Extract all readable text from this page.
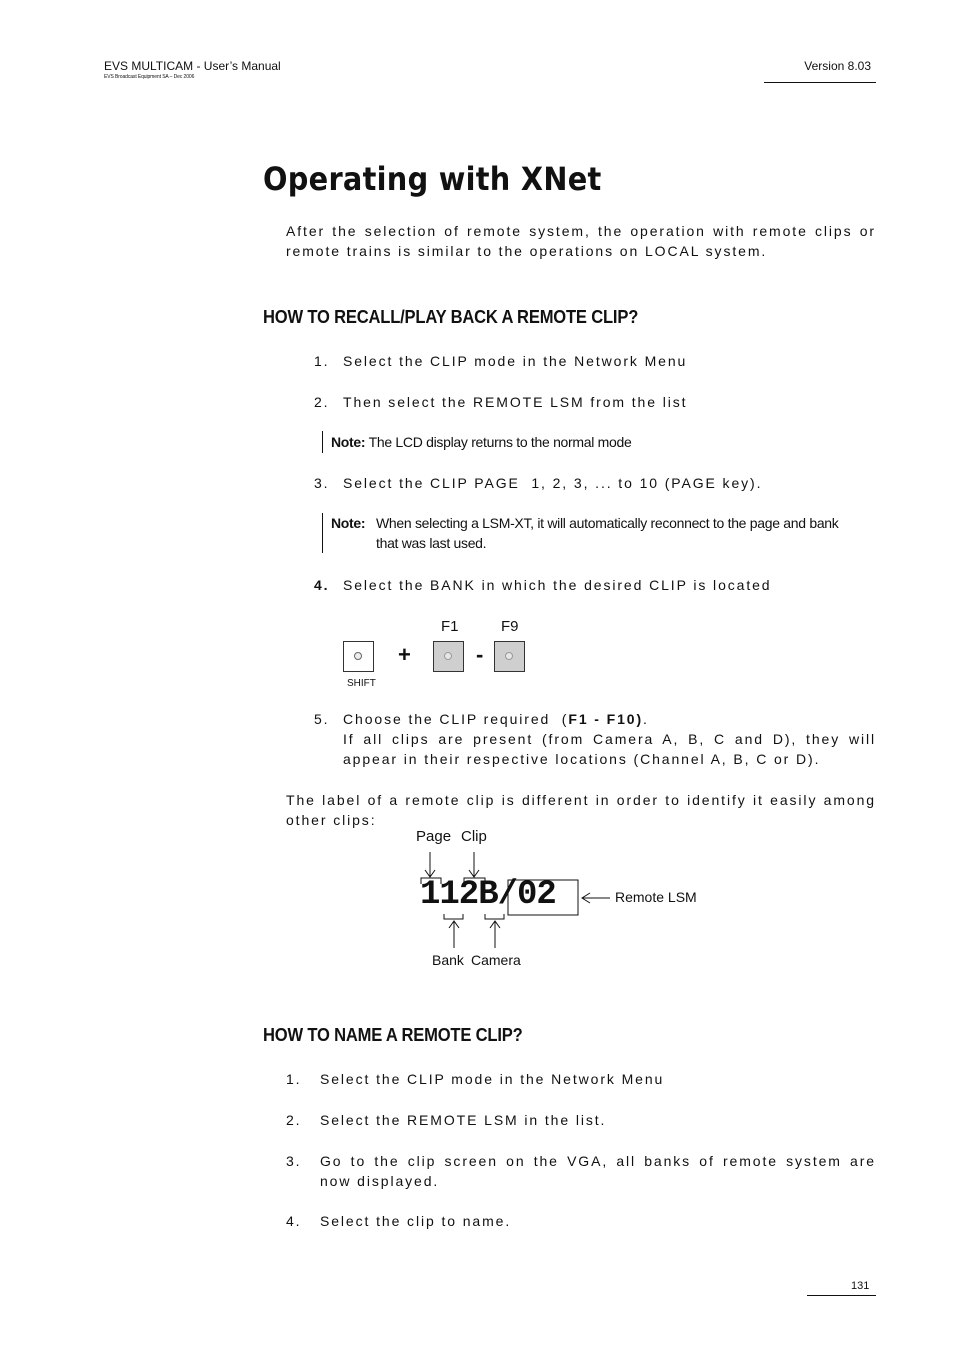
EVS MULTICAM - User’s Manual
EVS Broadcast Equipment SA – Dec 2006
Version 8.03
Operating with XNet
After the selection of remote system, the operation with remote clips or remote trains is similar to the operations on LOCAL system.
HOW TO RECALL/PLAY BACK A REMOTE CLIP?
1. Select the CLIP mode in the Network Menu
2. Then select the REMOTE LSM from the list
Note: The LCD display returns to the normal mode
3. Select the CLIP PAGE  1, 2, 3, ... to 10 (PAGE key).
Note: When selecting a LSM-XT, it will automatically reconnect to the page and bank that was last used.
4. Select the BANK in which the desired CLIP is located
SHIFT
+
F1
-
F9
5. Choose the CLIP required  (F1 - F10).
If all clips are present (from Camera A, B, C and D), they will appear in their respective locations (Channel A, B, C or D).
The label of a remote clip is different in order to identify it easily among other clips:
Page Clip
112B/02	Remote LSM
Bank Camera
HOW TO NAME A REMOTE CLIP?
1. Select the CLIP mode in the Network Menu
2. Select the REMOTE LSM in the list.
3. Go to the clip screen on the VGA, all banks of remote system are now displayed.
4. Select the clip to name.
131
